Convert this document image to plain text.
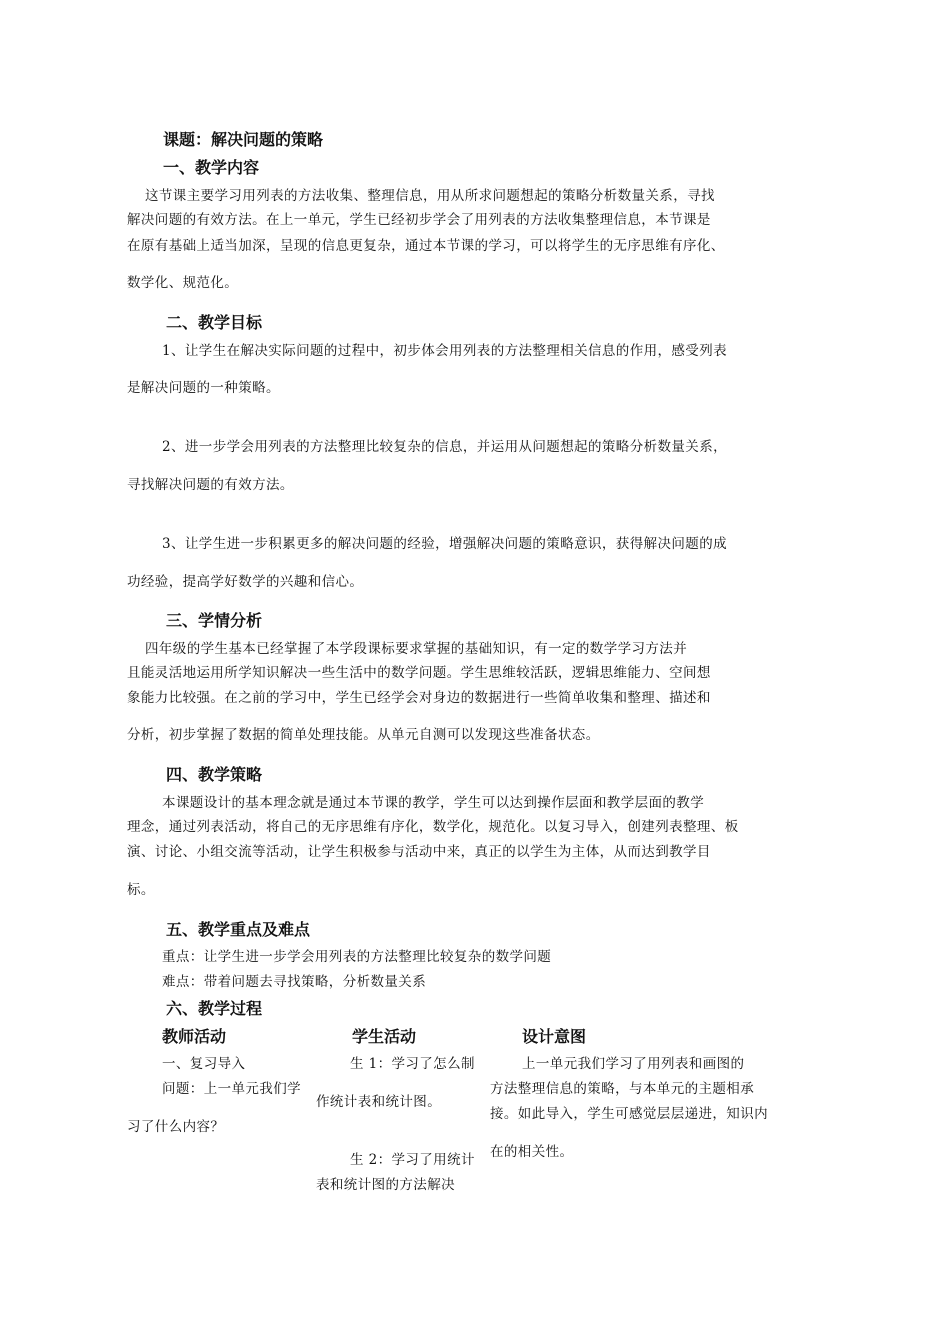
课题：解决问题的策略
一、教学内容
这节课主要学习用列表的方法收集、整理信息，用从所求问题想起的策略分析数量关系，寻找
解决问题的有效方法。在上一单元，学生已经初步学会了用列表的方法收集整理信息，本节课是
在原有基础上适当加深，呈现的信息更复杂，通过本节课的学习，可以将学生的无序思维有序化、
数学化、规范化。
二、教学目标
1、让学生在解决实际问题的过程中，初步体会用列表的方法整理相关信息的作用，感受列表
是解决问题的一种策略。
2、进一步学会用列表的方法整理比较复杂的信息，并运用从问题想起的策略分析数量关系，
寻找解决问题的有效方法。
3、让学生进一步积累更多的解决问题的经验，增强解决问题的策略意识，获得解决问题的成
功经验，提高学好数学的兴趣和信心。
三、学情分析
四年级的学生基本已经掌握了本学段课标要求掌握的基础知识，有一定的数学学习方法并
且能灵活地运用所学知识解决一些生活中的数学问题。学生思维较活跃，逻辑思维能力、空间想
象能力比较强。在之前的学习中，学生已经学会对身边的数据进行一些简单收集和整理、描述和
分析，初步掌握了数据的简单处理技能。从单元自测可以发现这些准备状态。
四、教学策略
本课题设计的基本理念就是通过本节课的教学，学生可以达到操作层面和教学层面的教学
理念，通过列表活动，将自己的无序思维有序化，数学化，规范化。以复习导入，创建列表整理、板
演、讨论、小组交流等活动，让学生积极参与活动中来，真正的以学生为主体，从而达到教学目
标。
五、教学重点及难点
重点：让学生进一步学会用列表的方法整理比较复杂的数学问题
难点：带着问题去寻找策略，分析数量关系
六、教学过程
教师活动	学生活动	设计意图
一、复习导入
问题：上一单元我们学
习了什么内容？
生 1：学习了怎么制
作统计表和统计图。
生 2：学习了用统计
表和统计图的方法解决
上一单元我们学习了用列表和画图的
方法整理信息的策略，与本单元的主题相承
接。如此导入，学生可感觉层层递进，知识内
在的相关性。
